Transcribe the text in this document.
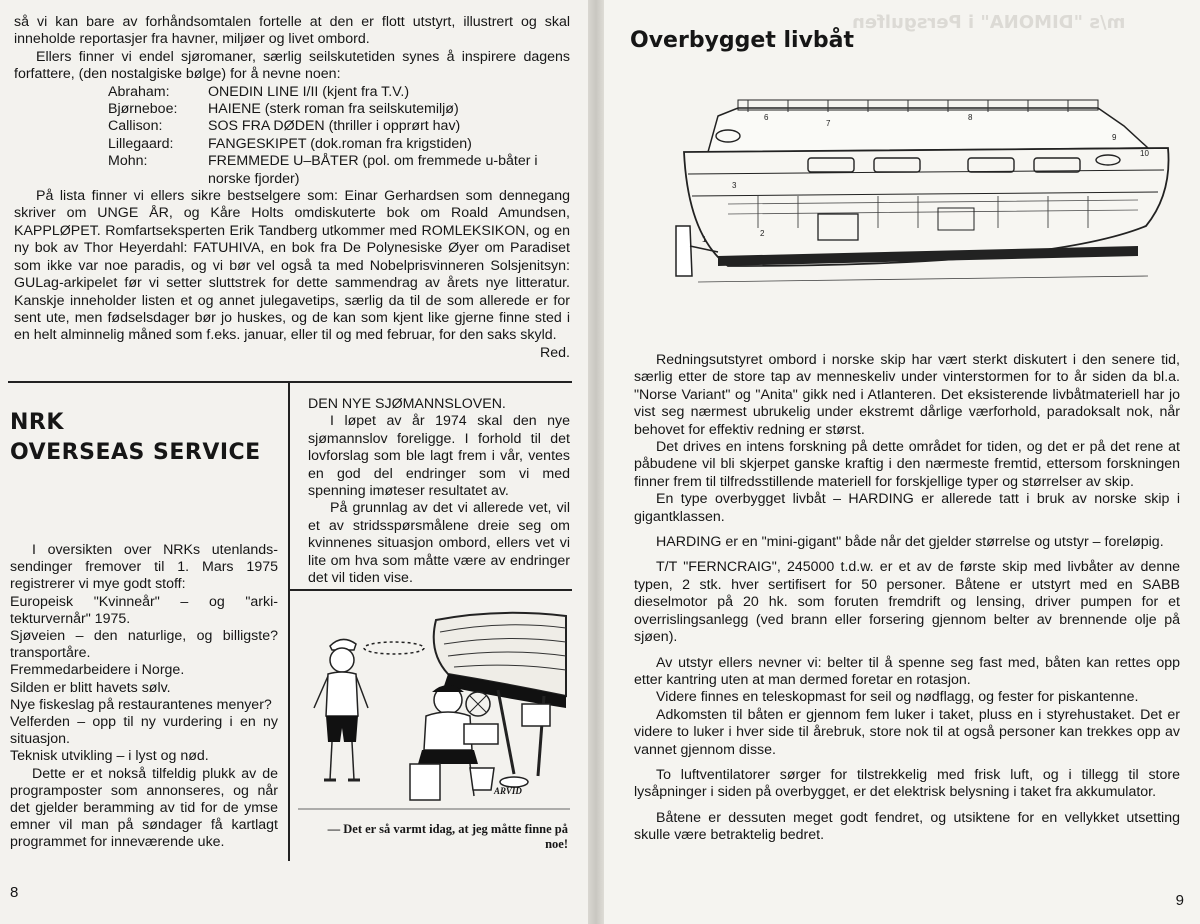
så vi kan bare av forhåndsomtalen fortelle at den er flott utstyrt, illustrert og skal inneholde reportasjer fra havner, miljøer og livet ombord.

Ellers finner vi endel sjøromaner, særlig seilskutetiden synes å inspirere dagens forfattere, (den nostalgiske bølge) for å nevne noen:

Abraham:	ONEDIN LINE I/II (kjent fra T.V.)
Bjørneboe:	HAIENE (sterk roman fra seilskutemiljø)
Callison:	SOS FRA DØDEN (thriller i opprørt hav)
Lillegaard:	FANGESKIPET (dok.roman fra krigstiden)
Mohn:	FREMMEDE U–BÅTER (pol. om fremmede u-båter i norske fjorder)

På lista finner vi ellers sikre bestselgere som: Einar Gerhardsen som dennegang skriver om UNGE ÅR, og Kåre Holts omdiskuterte bok om Roald Amundsen, KAPPLØPET. Romfartseksperten Erik Tandberg utkommer med ROMLEKSIKON, og en ny bok av Thor Heyerdahl: FATUHIVA, en bok fra De Polynesiske Øyer om Paradiset som ikke var noe paradis, og vi bør vel også ta med Nobelprisvinneren Solsjenitsyn: GULag-arkipelet før vi setter sluttstrek for dette sammendrag av årets nye litteratur. Kanskje inneholder listen et og annet julegavetips, særlig da til de som allerede er for sent ute, men fødselsdager bør jo huskes, og de kan som kjent like gjerne finne sted i en helt alminnelig måned som f.eks. januar, eller til og med februar, for den saks skyld.

Red.

NRK
OVERSEAS SERVICE

I oversikten over NRKs utenlands-sendinger fremover til 1. Mars 1975 registrerer vi mye godt stoff:

Europeisk "Kvinneår" – og "arki-tekturvernår" 1975.

Sjøveien – den naturlige, og billigste? transportåre.

Fremmedarbeidere i Norge.

Silden er blitt havets sølv.

Nye fiskeslag på restaurantenes menyer?

Velferden – opp til ny vurdering i en ny situasjon.

Teknisk utvikling – i lyst og nød.

Dette er et nokså tilfeldig plukk av de programposter som annonseres, og når det gjelder beramming av tid for de ymse emner vil man på søndager få kartlagt programmet for inneværende uke.

DEN NYE SJØMANNSLOVEN.

I løpet av år 1974 skal den nye sjømannslov foreligge. I forhold til det lovforslag som ble lagt frem i vår, ventes en god del endringer som vi med spenning imøteser resultatet av.

På grunnlag av det vi allerede vet, vil et av stridsspørsmålene dreie seg om kvinnenes situasjon ombord, ellers vet vi lite om hva som måtte være av endringer det vil tiden vise.

ARVID
— Det er så varmt idag, at jeg måtte finne på noe!
8
m/s "DIMONA" i Persgulfen
Overbygget livbåt
6
7
8
9
10
3
2
1

Redningsutstyret ombord i norske skip har vært sterkt diskutert i den senere tid, særlig etter de store tap av menneskeliv under vinterstormen for to år siden da bl.a. "Norse Variant" og "Anita" gikk ned i Atlanteren. Det eksisterende livbåtmateriell har jo vist seg nærmest ubrukelig under ekstremt dårlige værforhold, paradoksalt nok, når behovet for effektiv redning er størst.

Det drives en intens forskning på dette området for tiden, og det er på det rene at påbudene vil bli skjerpet ganske kraftig i den nærmeste fremtid, ettersom forskningen finner frem til tilfredsstillende materiell for forskjellige typer og størrelser av skip.

En type overbygget livbåt – HARDING er allerede tatt i bruk av norske skip i gigantklassen.

HARDING er en "mini-gigant" både når det gjelder størrelse og utstyr – foreløpig.

T/T "FERNCRAIG", 245000 t.d.w. er et av de første skip med livbåter av denne typen, 2 stk. hver sertifisert for 50 personer. Båtene er utstyrt med en SABB dieselmotor på 20 hk. som foruten fremdrift og lensing, driver pumpen for et overrislingsanlegg (ved brann eller forsering gjennom belter av brennende olje på sjøen).

Av utstyr ellers nevner vi: belter til å spenne seg fast med, båten kan rettes opp etter kantring uten at man dermed foretar en rotasjon.

Videre finnes en teleskopmast for seil og nødflagg, og fester for piskantenne.

Adkomsten til båten er gjennom fem luker i taket, pluss en i styrehustaket. Det er videre to luker i hver side til årebruk, store nok til at også personer kan trekkes opp av vannet gjennom disse.

To luftventilatorer sørger for tilstrekkelig med frisk luft, og i tillegg til store lysåpninger i siden på overbygget, er det elektrisk belysning i taket fra akkumulator.

Båtene er dessuten meget godt fendret, og utsiktene for en vellykket utsetting skulle være betraktelig bedret.

9
